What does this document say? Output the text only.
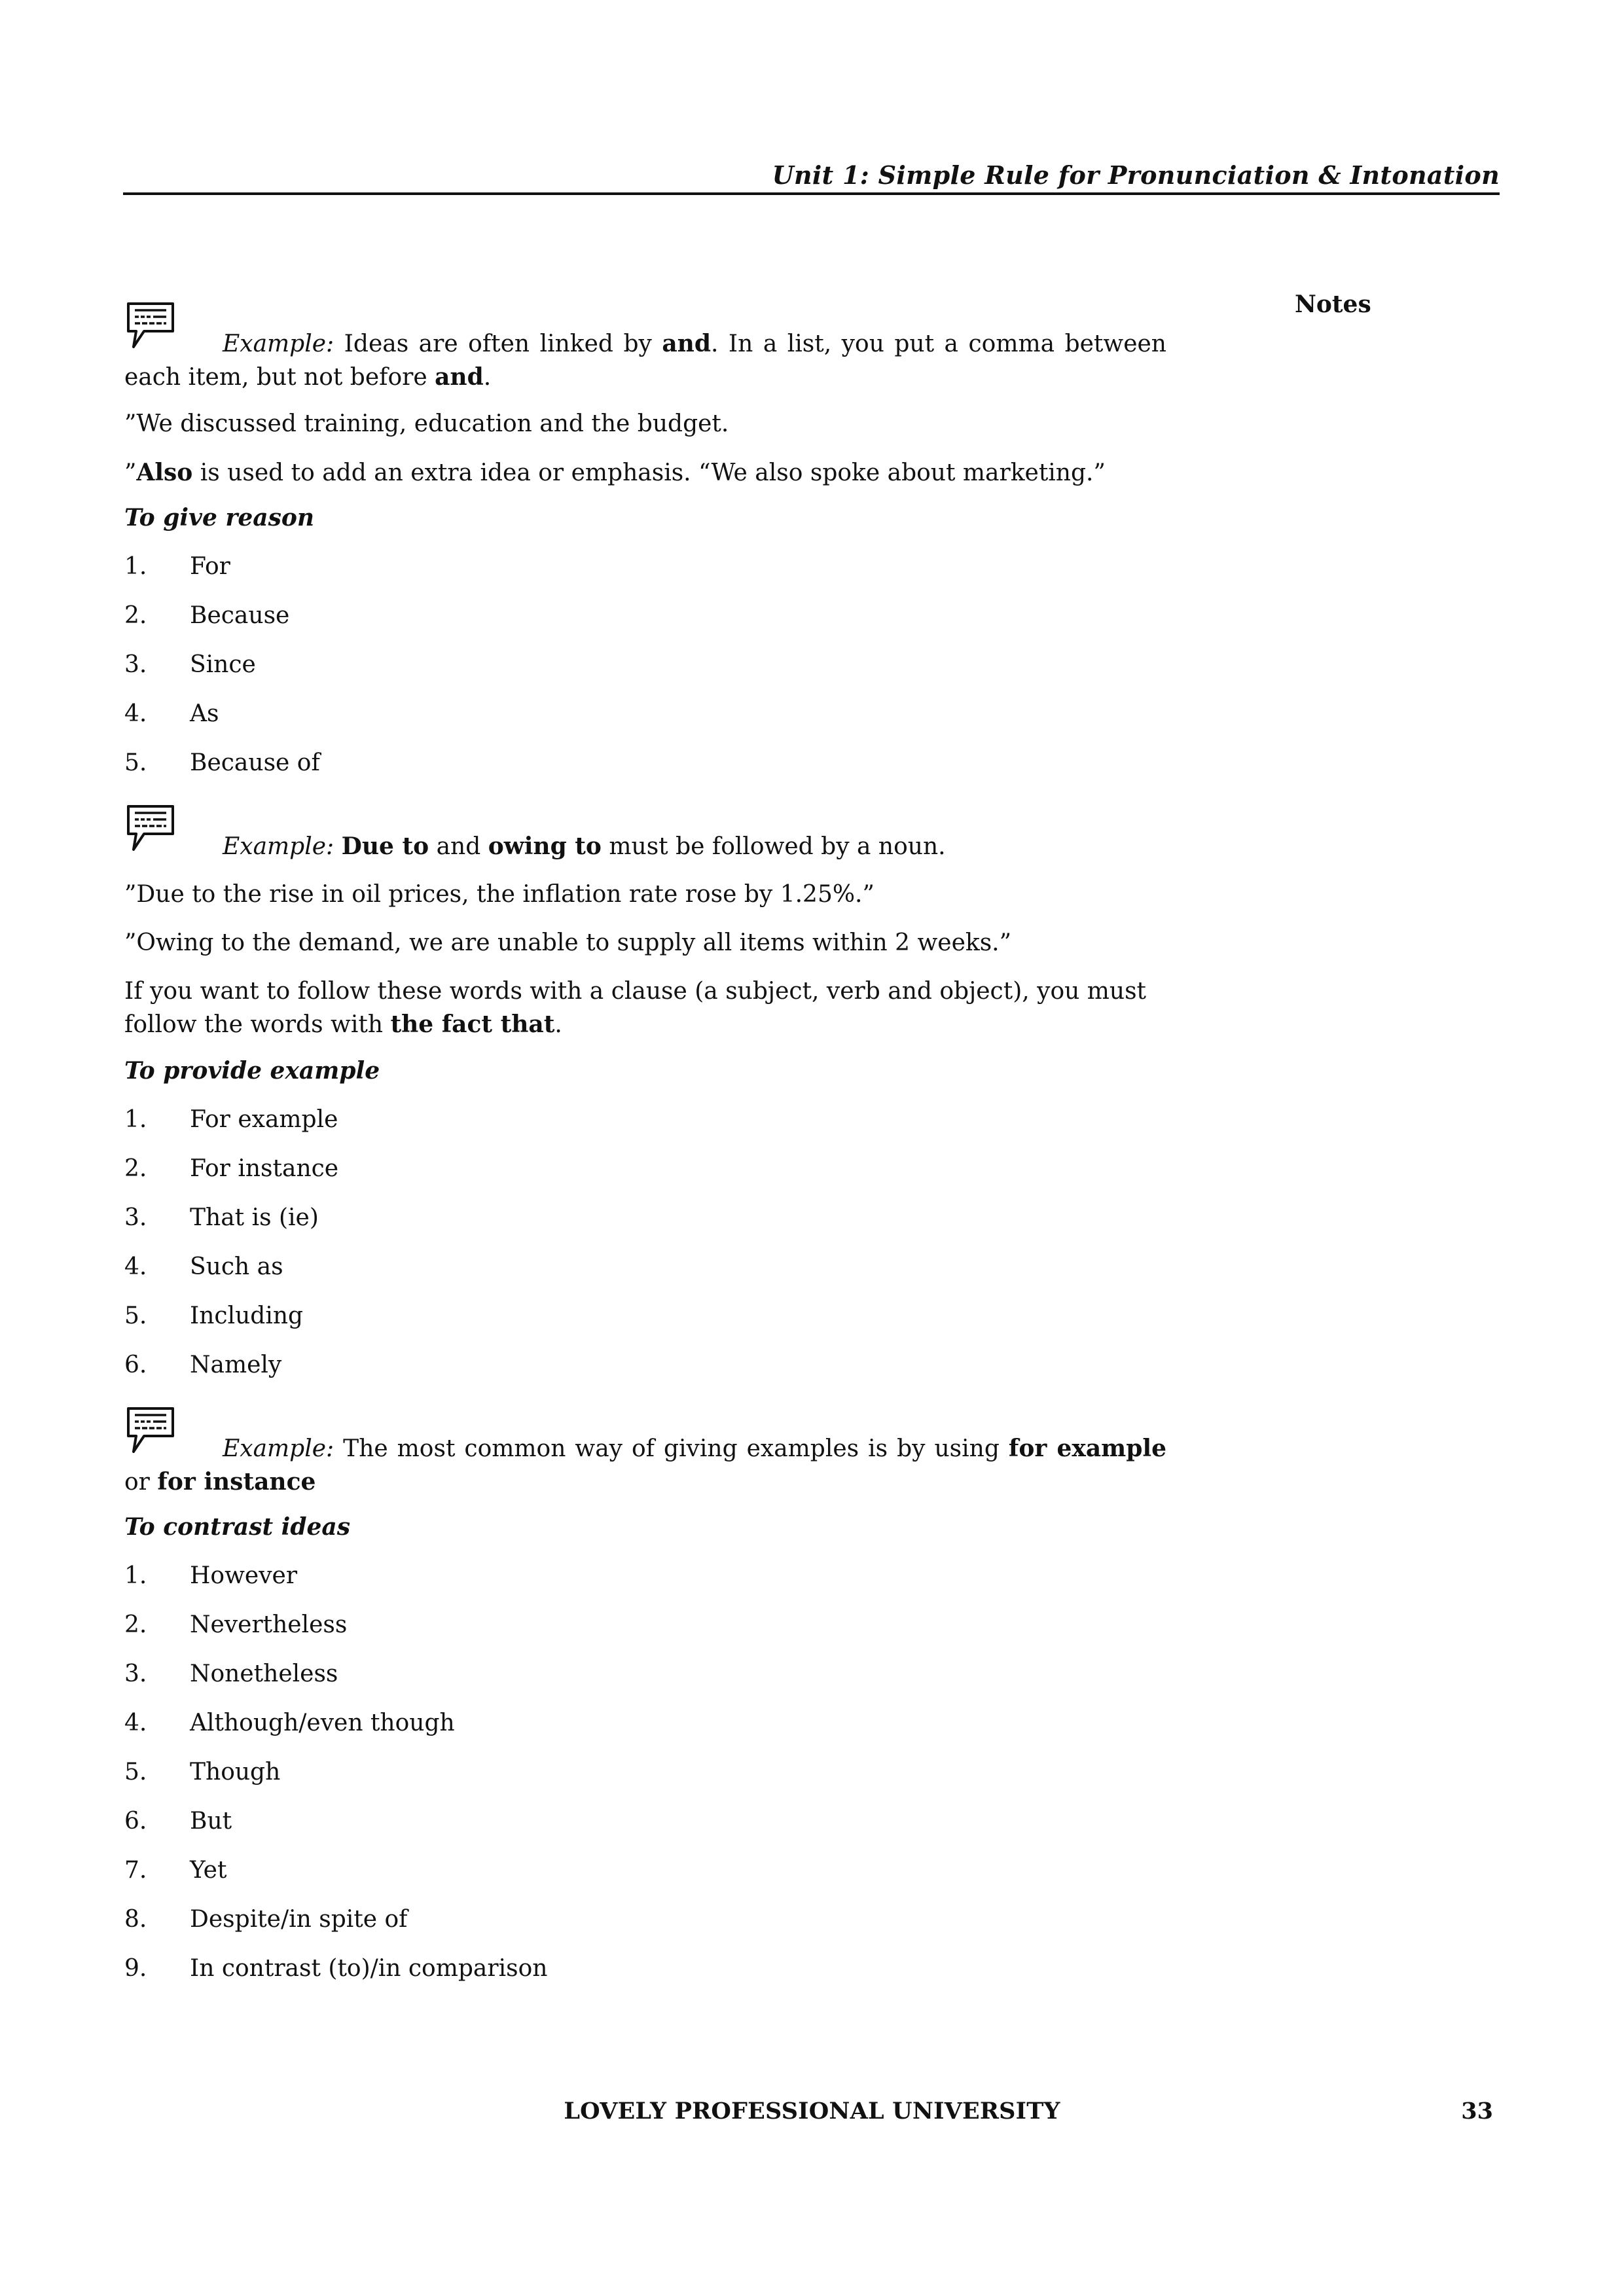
Unit 1: Simple Rule for Pronunciation & Intonation
Notes
Example: Ideas are often linked by and. In a list, you put a comma between each item, but not before and.
”We discussed training, education and the budget.
”Also is used to add an extra idea or emphasis. “We also spoke about marketing.”
To give reason
1. For
2. Because
3. Since
4. As
5. Because of
Example: Due to and owing to must be followed by a noun.
”Due to the rise in oil prices, the inflation rate rose by 1.25%.”
”Owing to the demand, we are unable to supply all items within 2 weeks.”
If you want to follow these words with a clause (a subject, verb and object), you must follow the words with the fact that.
To provide example
1. For example
2. For instance
3. That is (ie)
4. Such as
5. Including
6. Namely
Example: The most common way of giving examples is by using for example or for instance
To contrast ideas
1. However
2. Nevertheless
3. Nonetheless
4. Although/even though
5. Though
6. But
7. Yet
8. Despite/in spite of
9. In contrast (to)/in comparison
LOVELY PROFESSIONAL UNIVERSITY	33
